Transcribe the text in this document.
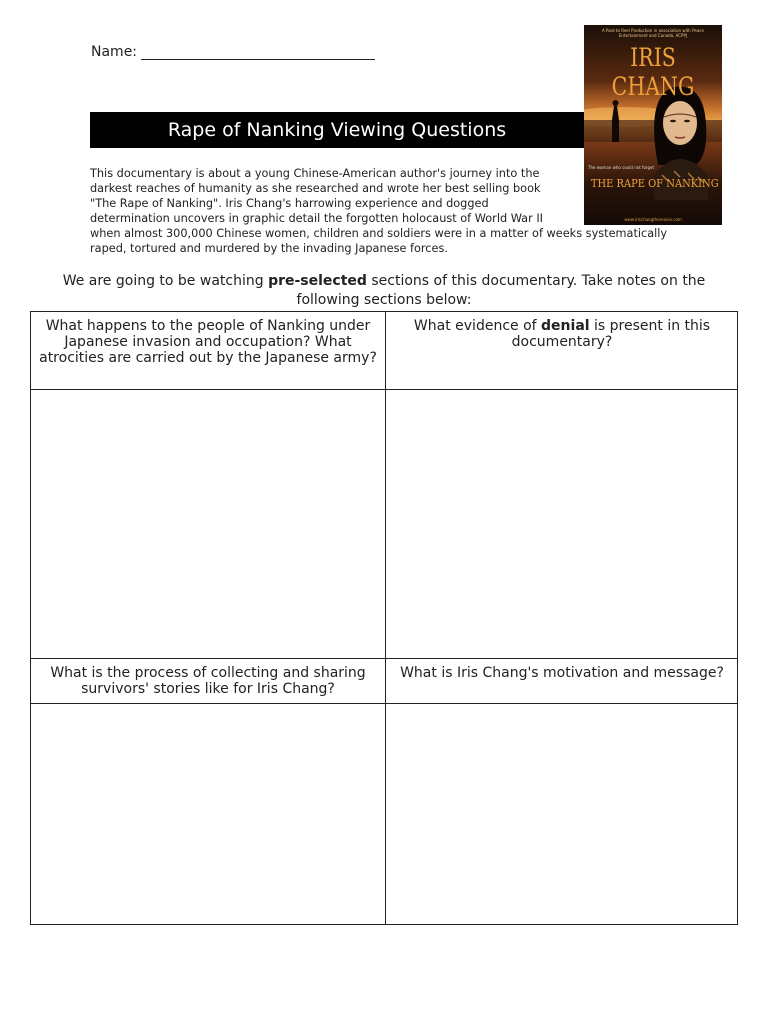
Name:
Rape of Nanking Viewing Questions
A Real to Reel Production in association with Peace Entertainment and Canada, ACPPJ
IRIS CHANG
The woman who could not forget
THE RAPE OF NANKING
www.irischangthemovie.com
This documentary is about a young Chinese-American author's journey into the
darkest reaches of humanity as she researched and wrote her best selling book
"The Rape of Nanking". Iris Chang's harrowing experience and dogged
determination uncovers in graphic detail the forgotten holocaust of World War II
when almost 300,000 Chinese women, children and soldiers were in a matter of weeks systematically
raped, tortured and murdered by the invading Japanese forces.
We are going to be watching pre-selected sections of this documentary. Take notes on the following sections below:
What happens to the people of Nanking under Japanese invasion and occupation? What atrocities are carried out by the Japanese army?
What evidence of denial is present in this documentary?
What is the process of collecting and sharing survivors' stories like for Iris Chang?
What is Iris Chang's motivation and message?
